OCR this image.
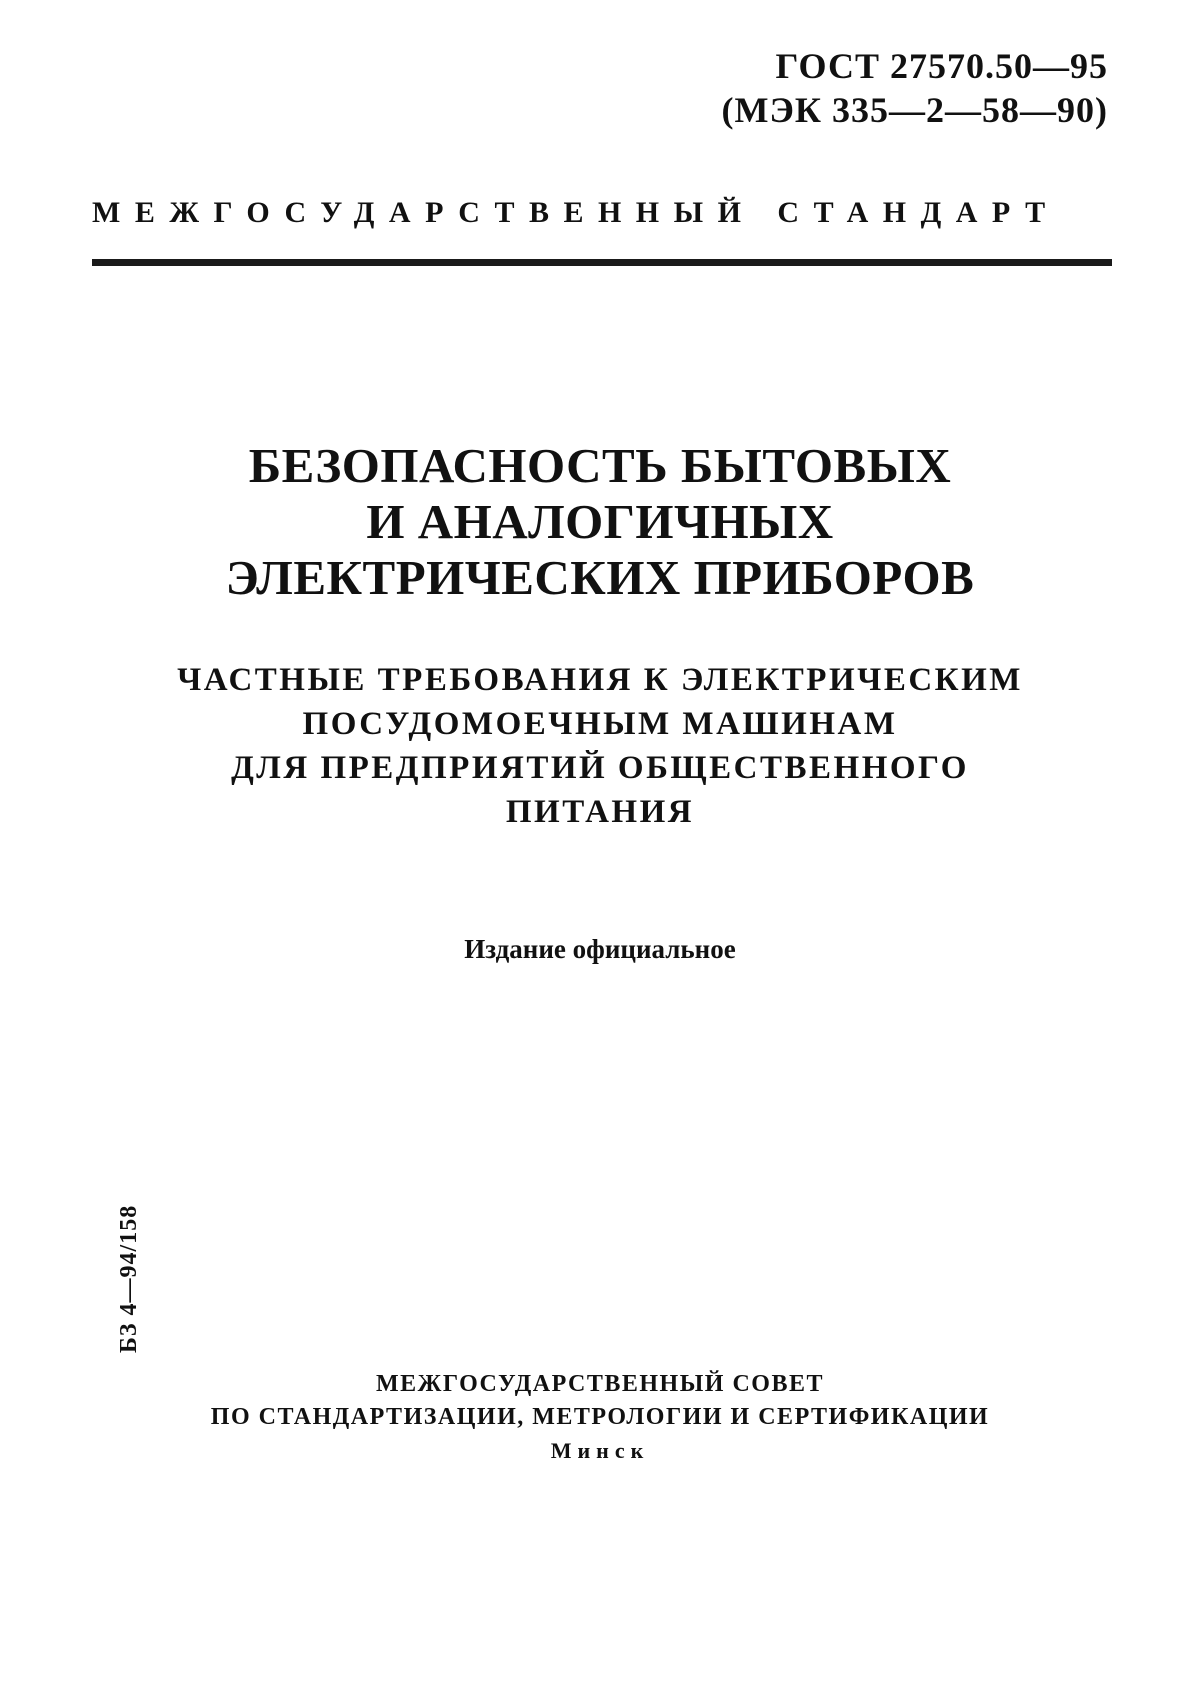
ГОСТ 27570.50—95
(МЭК 335—2—58—90)
МЕЖГОСУДАРСТВЕННЫЙ СТАНДАРТ
БЕЗОПАСНОСТЬ БЫТОВЫХ
И АНАЛОГИЧНЫХ
ЭЛЕКТРИЧЕСКИХ ПРИБОРОВ
ЧАСТНЫЕ ТРЕБОВАНИЯ К ЭЛЕКТРИЧЕСКИМ
ПОСУДОМОЕЧНЫМ МАШИНАМ
ДЛЯ ПРЕДПРИЯТИЙ ОБЩЕСТВЕННОГО
ПИТАНИЯ
Издание официальное
БЗ 4—94/158
МЕЖГОСУДАРСТВЕННЫЙ СОВЕТ
ПО СТАНДАРТИЗАЦИИ, МЕТРОЛОГИИ И СЕРТИФИКАЦИИ
Минск
